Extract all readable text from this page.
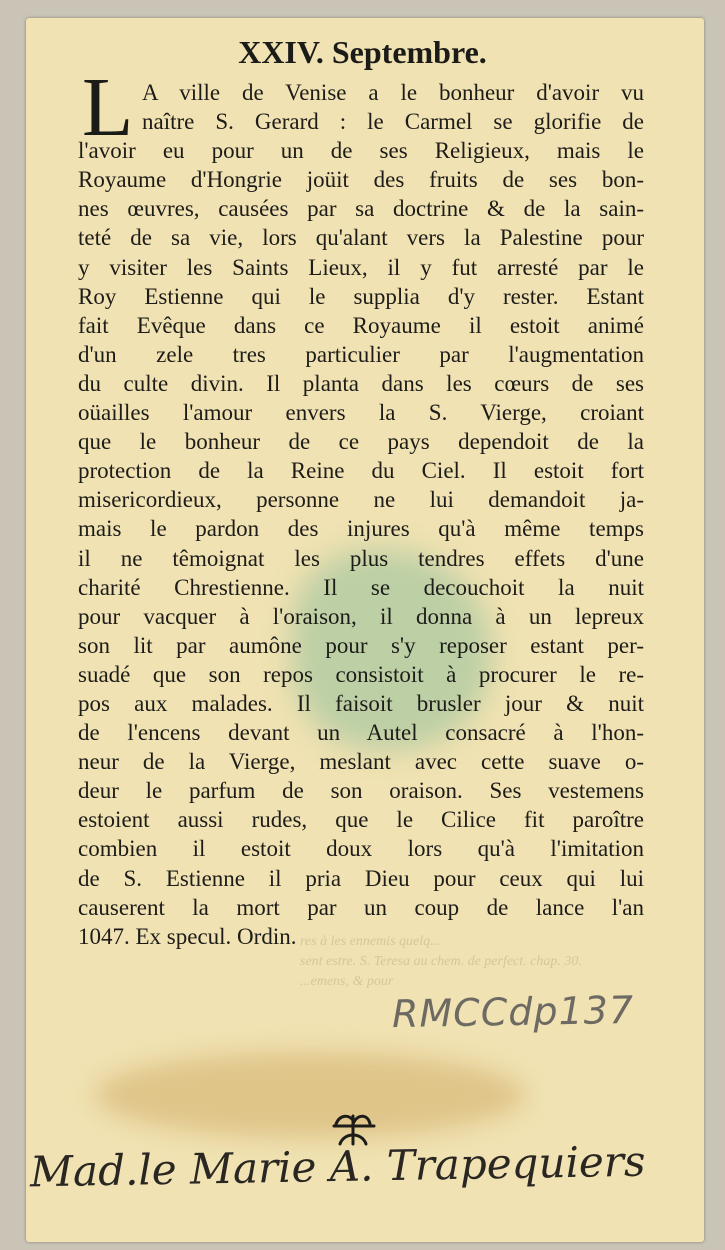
XXIV. Septembre.
L A ville de Venise a le bonheur d'avoir vu
naître S. Gerard : le Carmel se glorifie de
l'avoir eu pour un de ses Religieux, mais le
Royaume d'Hongrie joüit des fruits de ses bon-
nes œuvres, causées par sa doctrine & de la sain-
teté de sa vie, lors qu'alant vers la Palestine pour
y visiter les Saints Lieux, il y fut arresté par le
Roy Estienne qui le supplia d'y rester. Estant
fait Evêque dans ce Royaume il estoit animé
d'un zele tres particulier par l'augmentation
du culte divin. Il planta dans les cœurs de ses
oüailles l'amour envers la S. Vierge, croiant
que le bonheur de ce pays dependoit de la
protection de la Reine du Ciel. Il estoit fort
misericordieux, personne ne lui demandoit ja-
mais le pardon des injures qu'à même temps
il ne têmoignat les plus tendres effets d'une
charité Chrestienne. Il se decouchoit la nuit
pour vacquer à l'oraison, il donna à un lepreux
son lit par aumône pour s'y reposer estant per-
suadé que son repos consistoit à procurer le re-
pos aux malades. Il faisoit brusler jour & nuit
de l'encens devant un Autel consacré à l'hon-
neur de la Vierge, meslant avec cette suave o-
deur le parfum de son oraison. Ses vestemens
estoient aussi rudes, que le Cilice fit paroître
combien il estoit doux lors qu'à l'imitation
de S. Estienne il pria Dieu pour ceux qui lui
causerent la mort par un coup de lance l'an
1047. Ex specul. Ordin. res à les ennemis quelq...
sent estre. S. Teresa au chem. de perfect. chap. 30.
...emens, & pour
RMCCdp137
Mad.le Marie A. Trapequiers
